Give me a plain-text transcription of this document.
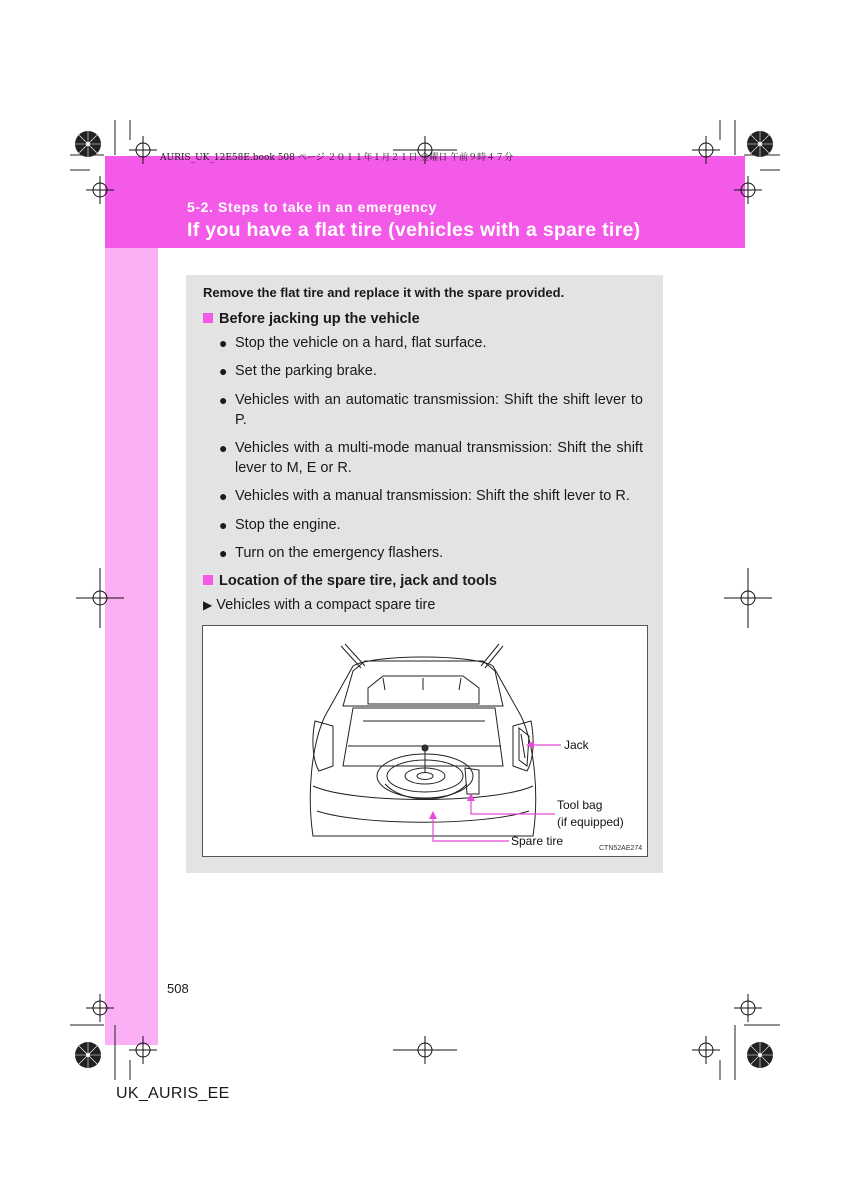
AURIS_UK_12E58E.book 508 ページ ２０１１年１月２１日 金曜日 午前９時４７分
5-2. Steps to take in an emergency
If you have a flat tire (vehicles with a spare tire)
Remove the flat tire and replace it with the spare provided.
Before jacking up the vehicle
● Stop the vehicle on a hard, flat surface.
● Set the parking brake.
● Vehicles with an automatic transmission: Shift the shift lever to P.
● Vehicles with a multi-mode manual transmission: Shift the shift lever to M, E or R.
● Vehicles with a manual transmission: Shift the shift lever to R.
● Stop the engine.
● Turn on the emergency flashers.
Location of the spare tire, jack and tools
▶ Vehicles with a compact spare tire
Jack
Tool bag
(if equipped)
Spare tire
CTN52AE274
508
UK_AURIS_EE
